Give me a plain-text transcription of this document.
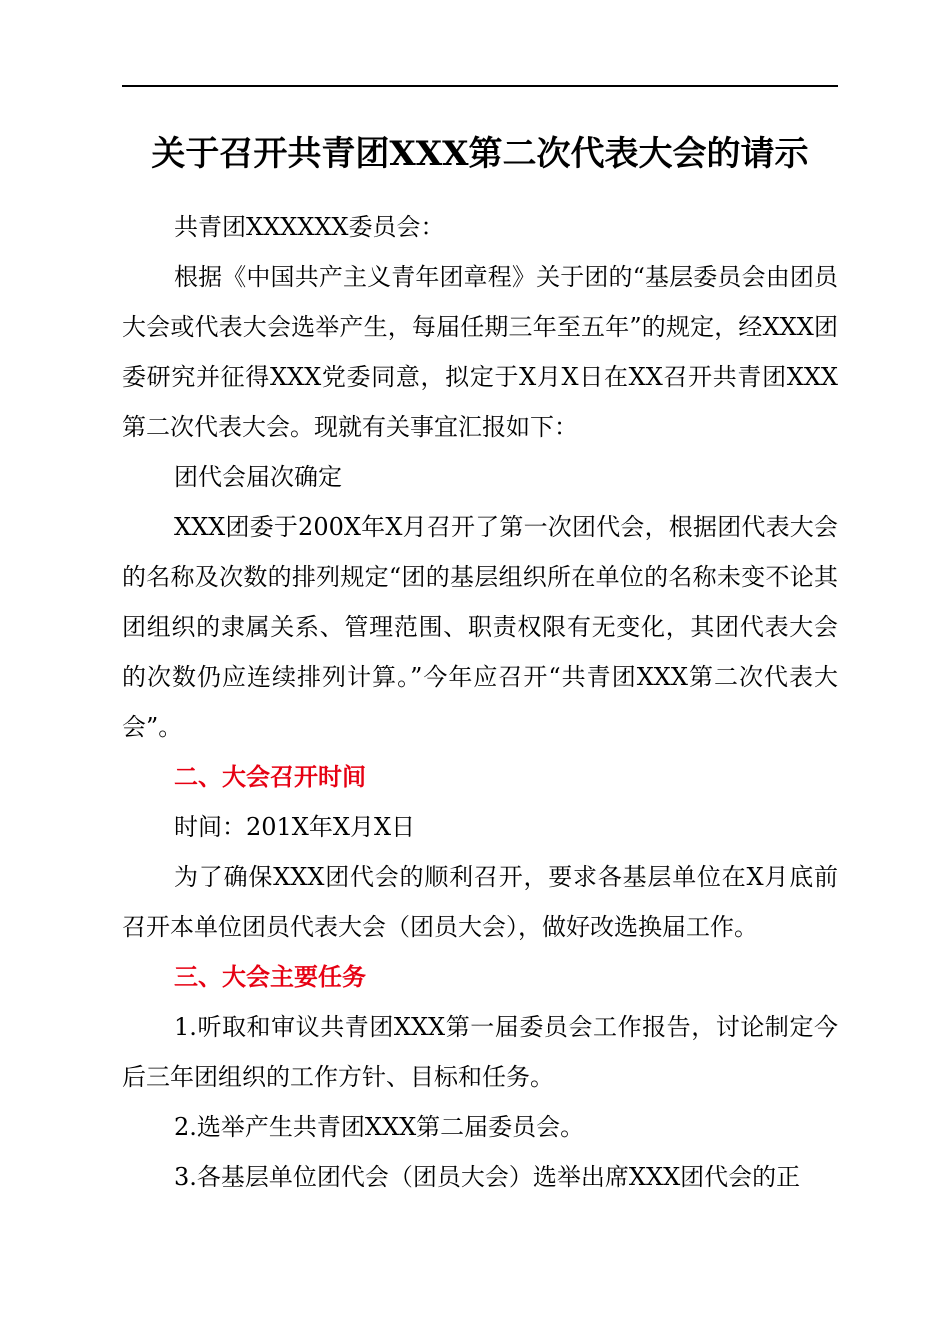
关于召开共青团XXX第二次代表大会的请示

共青团XXXXXX委员会：

根据《中国共产主义青年团章程》关于团的“基层委员会由团员大会或代表大会选举产生，每届任期三年至五年”的规定，经XXX团委研究并征得XXX党委同意，拟定于X月X日在XX召开共青团XXX第二次代表大会。现就有关事宜汇报如下：

团代会届次确定

XXX团委于200X年X月召开了第一次团代会，根据团代表大会的名称及次数的排列规定“团的基层组织所在单位的名称未变不论其团组织的隶属关系、管理范围、职责权限有无变化，其团代表大会的次数仍应连续排列计算。”今年应召开“共青团XXX第二次代表大会”。

二、大会召开时间

时间：201X年X月X日

为了确保XXX团代会的顺利召开，要求各基层单位在X月底前召开本单位团员代表大会（团员大会），做好改选换届工作。

三、大会主要任务

1.听取和审议共青团XXX第一届委员会工作报告，讨论制定今后三年团组织的工作方针、目标和任务。

2.选举产生共青团XXX第二届委员会。

3.各基层单位团代会（团员大会）选举出席XXX团代会的正
